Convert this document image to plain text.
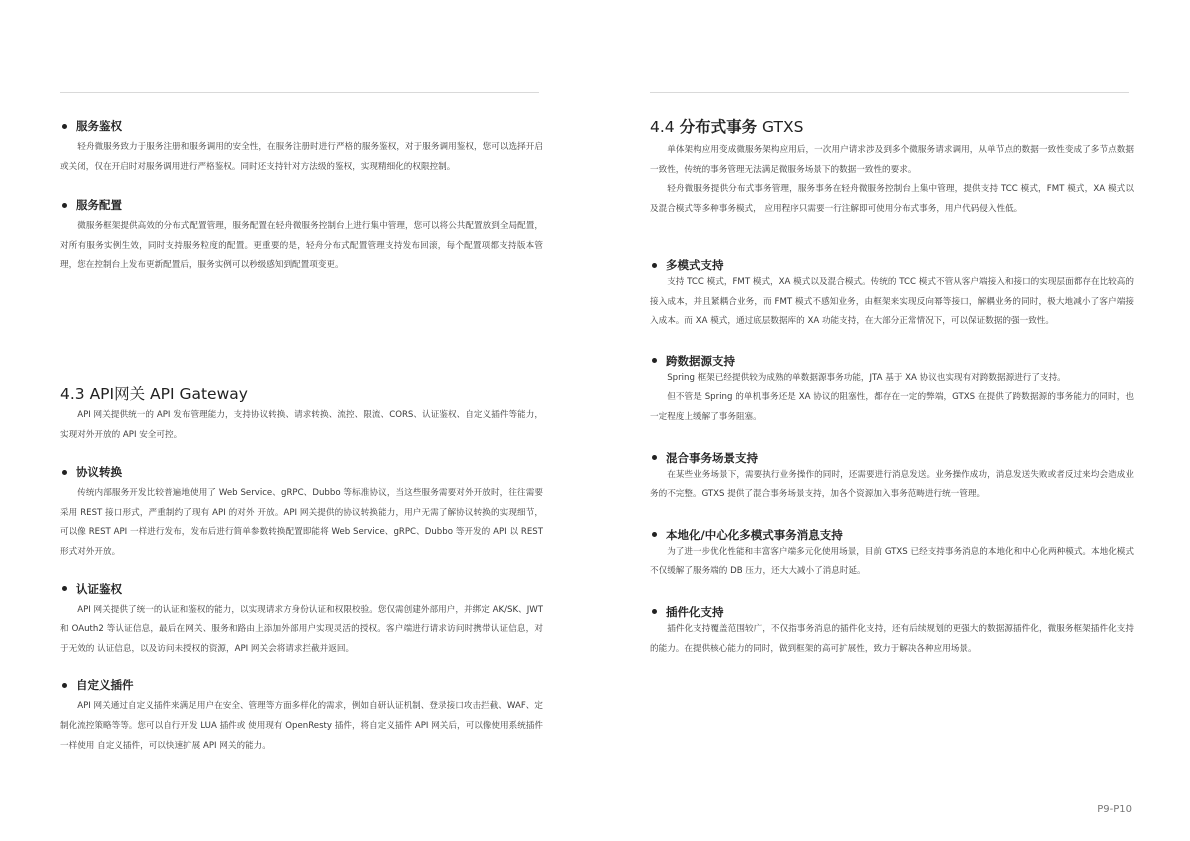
服务鉴权

轻舟微服务致力于服务注册和服务调用的安全性，在服务注册时进行严格的服务鉴权，对于服务调用鉴权，您可以选择开启或关闭，仅在开启时对服务调用进行严格鉴权。同时还支持针对方法级的鉴权，实现精细化的权限控制。

服务配置

微服务框架提供高效的分布式配置管理，服务配置在轻舟微服务控制台上进行集中管理，您可以将公共配置放到全局配置，对所有服务实例生效，同时支持服务粒度的配置。更重要的是，轻舟分布式配置管理支持发布回滚，每个配置项都支持版本管理，您在控制台上发布更新配置后，服务实例可以秒级感知到配置项变更。

4.3 API网关 API Gateway

API 网关提供统一的 API 发布管理能力，支持协议转换、请求转换、流控、限流、CORS、认证鉴权、自定义插件等能力，实现对外开放的 API 安全可控。

协议转换

传统内部服务开发比较普遍地使用了 Web Service、gRPC、Dubbo 等标准协议，当这些服务需要对外开放时，往往需要采用 REST 接口形式，严重制约了现有 API 的对外 开放。API 网关提供的协议转换能力，用户无需了解协议转换的实现细节，可以像 REST API 一样进行发布，发布后进行简单参数转换配置即能将 Web Service、gRPC、Dubbo 等开发的 API 以 REST 形式对外开放。

认证鉴权

API 网关提供了统一的认证和鉴权的能力，以实现请求方身份认证和权限校验。您仅需创建外部用户，并绑定 AK/SK、JWT 和 OAuth2 等认证信息，最后在网关、服务和路由上添加外部用户实现灵活的授权。客户端进行请求访问时携带认证信息，对于无效的 认证信息，以及访问未授权的资源，API 网关会将请求拦截并返回。

自定义插件

API 网关通过自定义插件来满足用户在安全、管理等方面多样化的需求，例如自研认证机制、登录接口攻击拦截、WAF、定制化流控策略等等。您可以自行开发 LUA 插件或 使用现有 OpenResty 插件，将自定义插件 API 网关后，可以像使用系统插件一样使用 自定义插件，可以快速扩展 API 网关的能力。

4.4 分布式事务 GTXS

单体架构应用变成微服务架构应用后，一次用户请求涉及到多个微服务请求调用，从单节点的数据一致性变成了多节点数据一致性，传统的事务管理无法满足微服务场景下的数据一致性的要求。

轻舟微服务提供分布式事务管理，服务事务在轻舟微服务控制台上集中管理，提供支持 TCC 模式，FMT 模式，XA 模式以及混合模式等多种事务模式， 应用程序只需要一行注解即可使用分布式事务，用户代码侵入性低。

多模式支持

支持 TCC 模式，FMT 模式，XA 模式以及混合模式。传统的 TCC 模式不管从客户端接入和接口的实现层面都存在比较高的接入成本，并且紧耦合业务，而 FMT 模式不感知业务，由框架来实现反向幂等接口，解耦业务的同时，极大地减小了客户端接入成本。而 XA 模式，通过底层数据库的 XA 功能支持，在大部分正常情况下，可以保证数据的强一致性。

跨数据源支持

Spring 框架已经提供较为成熟的单数据源事务功能，JTA 基于 XA 协议也实现有对跨数据源进行了支持。

但不管是 Spring 的单机事务还是 XA 协议的阻塞性，都存在一定的弊端，GTXS 在提供了跨数据源的事务能力的同时，也一定程度上缓解了事务阻塞。

混合事务场景支持

在某些业务场景下，需要执行业务操作的同时，还需要进行消息发送。业务操作成功，消息发送失败或者反过来均会造成业务的不完整。GTXS 提供了混合事务场景支持，加各个资源加入事务范畴进行统一管理。

本地化/中心化多模式事务消息支持

为了进一步优化性能和丰富客户端多元化使用场景，目前 GTXS 已经支持事务消息的本地化和中心化两种模式。本地化模式不仅缓解了服务端的 DB 压力，还大大减小了消息时延。

插件化支持

插件化支持覆盖范围较广，不仅指事务消息的插件化支持，还有后续规划的更强大的数据源插件化，微服务框架插件化支持的能力。在提供核心能力的同时，做到框架的高可扩展性，致力于解决各种应用场景。

P9-P10
